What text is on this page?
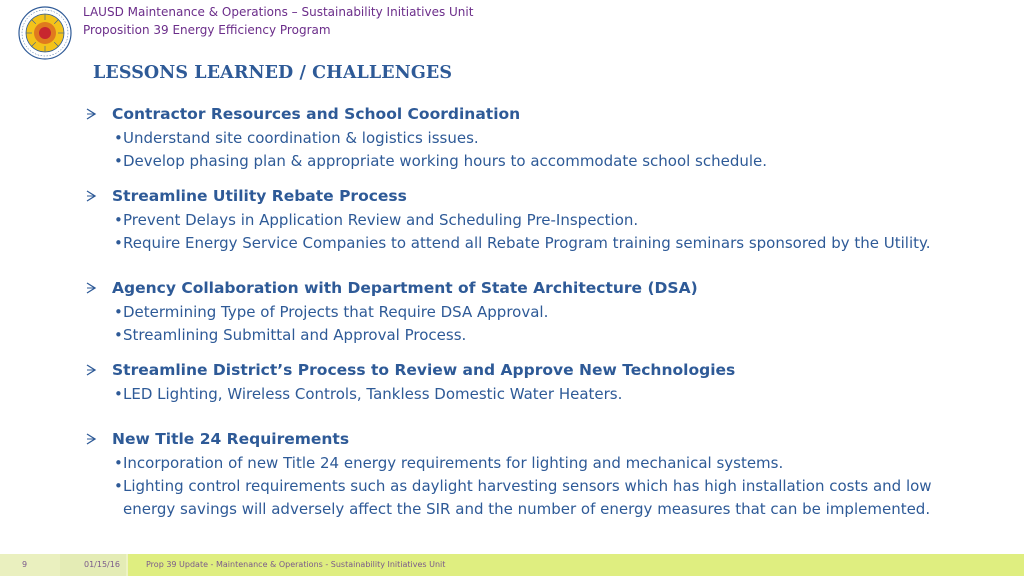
LAUSD Maintenance & Operations – Sustainability Initiatives Unit
Proposition 39 Energy Efficiency Program
LESSONS LEARNED / CHALLENGES
Contractor Resources and School Coordination
• Understand site coordination & logistics issues.
• Develop phasing plan & appropriate working hours to accommodate school schedule.
Streamline Utility Rebate Process
• Prevent Delays in Application Review and Scheduling Pre-Inspection.
• Require Energy Service Companies to attend all Rebate Program training seminars sponsored by the Utility.
Agency Collaboration with Department of State Architecture (DSA)
• Determining Type of Projects that Require DSA Approval.
• Streamlining Submittal and Approval Process.
Streamline District’s Process to Review and Approve New Technologies
• LED Lighting, Wireless Controls, Tankless Domestic Water Heaters.
New Title 24 Requirements
• Incorporation of new Title 24 energy requirements for lighting and mechanical systems.
• Lighting control requirements such as daylight harvesting sensors which has high installation costs and low energy savings will adversely affect the SIR and the number of energy measures that can be implemented.
9	01/15/16	Prop 39 Update - Maintenance & Operations - Sustainability Initiatives Unit
